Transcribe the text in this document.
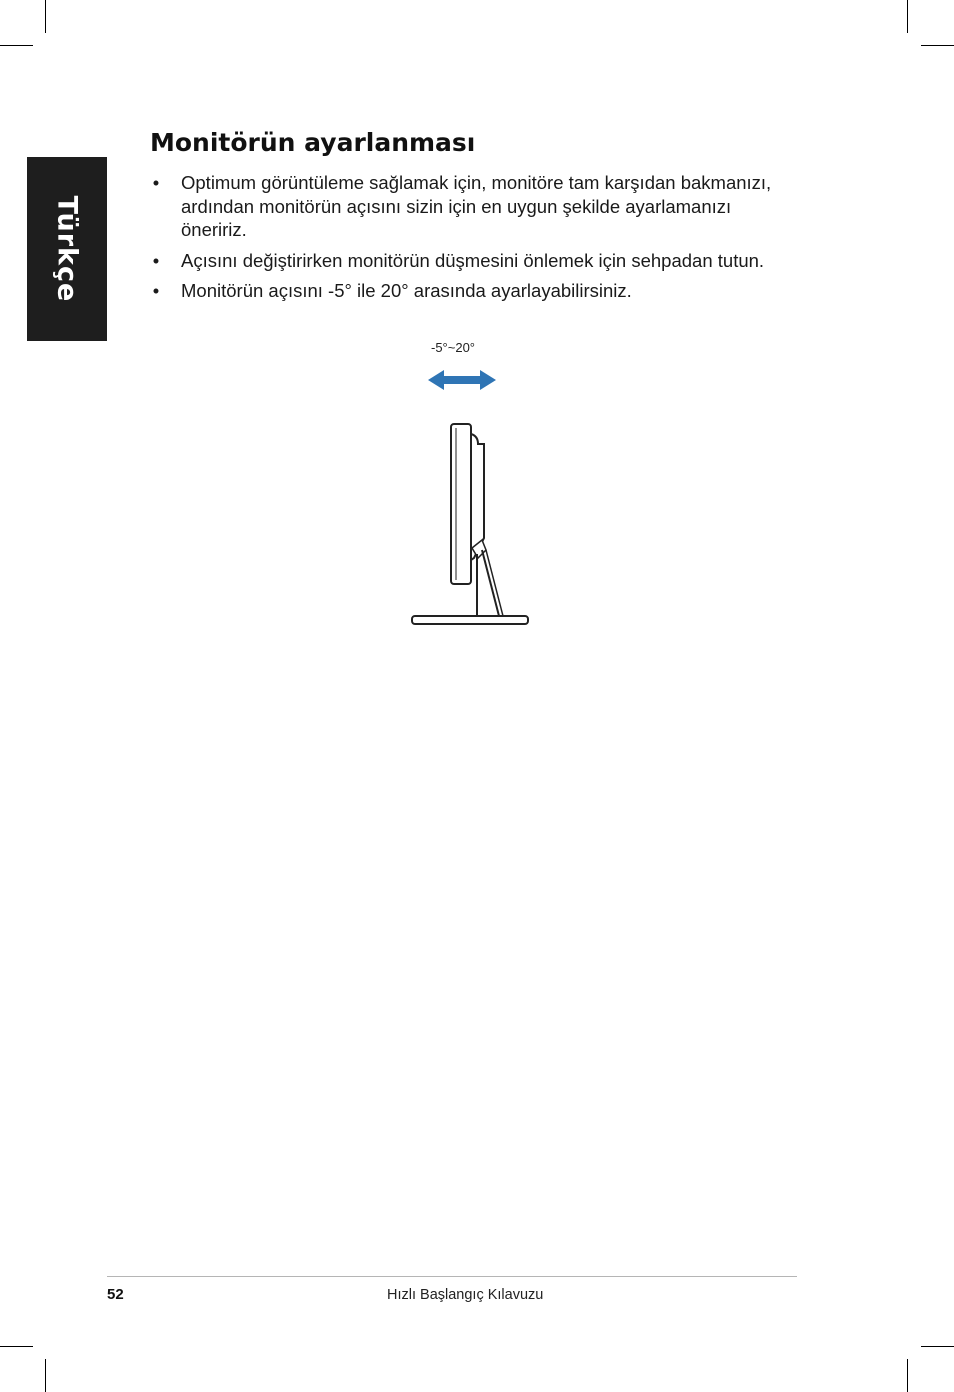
Türkçe
Monitörün ayarlanması
• Optimum görüntüleme sağlamak için, monitöre tam karşıdan bakmanızı, ardından monitörün açısını sizin için en uygun şekilde ayarlamanızı öneririz.
• Açısını değiştirirken monitörün düşmesini önlemek için sehpadan tutun.
• Monitörün açısını -5° ile 20° arasında ayarlayabilirsiniz.
-5°~20°
52	Hızlı Başlangıç Kılavuzu
